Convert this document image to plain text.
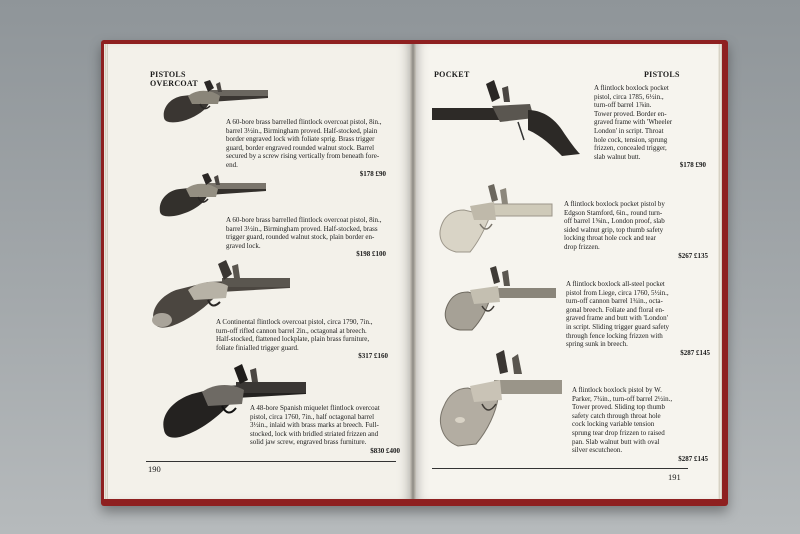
PISTOLS
OVERCOAT
A 60-bore brass barrelled flintlock overcoat pistol, 8in.,
barrel 3½in., Birmingham proved. Half-stocked, plain
border engraved lock with foliate sprig. Brass trigger
guard, border engraved rounded walnut stock. Barrel
secured by a screw rising vertically from beneath fore-
end.
$178 £90
A 60-bore brass barrelled flintlock overcoat pistol, 8in.,
barrel 3½in., Birmingham proved. Half-stocked, brass
trigger guard, rounded walnut stock, plain border en-
graved lock.
$198 £100
A Continental flintlock overcoat pistol, circa 1790, 7in.,
turn-off rifled cannon barrel 2in., octagonal at breech.
Half-stocked, flattened lockplate, plain brass furniture,
foliate finialled trigger guard.
$317 £160
A 48-bore Spanish miquelet flintlock overcoat
pistol, circa 1760, 7in., half octagonal barrel
3½in., inlaid with brass marks at breech. Full-
stocked, lock with bridled striated frizzen and
solid jaw screw, engraved brass furniture.
$830 £400
190
POCKET	PISTOLS
A flintlock boxlock pocket
pistol, circa 1785, 6½in.,
turn-off barrel 1⅞in.
Tower proved. Border en-
graved frame with 'Wheeler
London' in script. Throat
hole cock, tension, sprung
frizzen, concealed trigger,
slab walnut butt.
$178 £90
A flintlock boxlock pocket pistol by
Edgson Stamford, 6in., round turn-
off barrel 1⅝in., London proof, slab
sided walnut grip, top thumb safety
locking throat hole cock and tear
drop frizzen.
$267 £135
A flintlock boxlock all-steel pocket
pistol from Liege, circa 1760, 5½in.,
turn-off cannon barrel 1¾in., octa-
gonal breech. Foliate and floral en-
graved frame and butt with 'London'
in script. Sliding trigger guard safety
through fence locking frizzen with
spring sunk in breech.
$287 £145
A flintlock boxlock pistol by W.
Parker, 7¾in., turn-off barrel 2½in.,
Tower proved. Sliding top thumb
safety catch through throat hole
cock locking variable tension
sprung tear drop frizzen to raised
pan. Slab walnut butt with oval
silver escutcheon.
$287 £145
191
